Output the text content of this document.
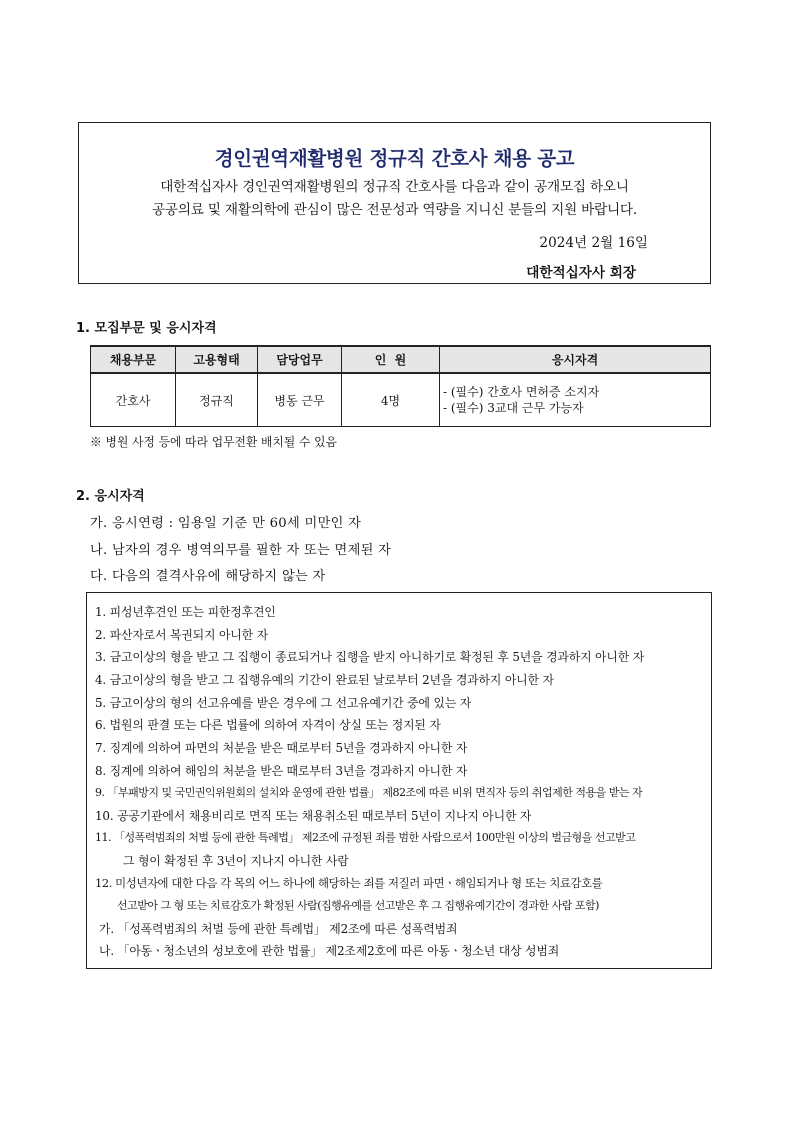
경인권역재활병원 정규직 간호사 채용 공고
대한적십자사 경인권역재활병원의 정규직 간호사를 다음과 같이 공개모집 하오니
공공의료 및 재활의학에 관심이 많은 전문성과 역량을 지니신 분들의 지원 바랍니다.
2024년 2월 16일
대한적십자사 회장
1. 모집부문 및 응시자격
채용부문	고용형태	담당업무	인  원	응시자격
간호사	정규직	병동 근무	4명	- (필수) 간호사 면허증 소지자
- (필수) 3교대 근무 가능자
※ 병원 사정 등에 따라 업무전환 배치될 수 있음
2. 응시자격
가. 응시연령 : 임용일 기준 만 60세 미만인 자
나. 남자의 경우 병역의무를 필한 자 또는 면제된 자
다. 다음의 결격사유에 해당하지 않는 자
1. 피성년후견인 또는 피한정후견인
2. 파산자로서 복권되지 아니한 자
3. 금고이상의 형을 받고 그 집행이 종료되거나 집행을 받지 아니하기로 확정된 후 5년을 경과하지 아니한 자
4. 금고이상의 형을 받고 그 집행유예의 기간이 완료된 날로부터 2년을 경과하지 아니한 자
5. 금고이상의 형의 선고유예를 받은 경우에 그 선고유예기간 중에 있는 자
6. 법원의 판결 또는 다른 법률에 의하여 자격이 상실 또는 정지된 자
7. 징계에 의하여 파면의 처분을 받은 때로부터 5년을 경과하지 아니한 자
8. 징계에 의하여 해임의 처분을 받은 때로부터 3년을 경과하지 아니한 자
9. 「부패방지 및 국민권익위원회의 설치와 운영에 관한 법률」 제82조에 따른 비위 면직자 등의 취업제한 적용을 받는 자
10. 공공기관에서 채용비리로 면직 또는 채용취소된 때로부터 5년이 지나지 아니한 자
11. 「성폭력범죄의 처벌 등에 관한 특례법」 제2조에 규정된 죄를 범한 사람으로서 100만원 이상의 벌금형을 선고받고
그 형이 확정된 후 3년이 지나지 아니한 사람
12. 미성년자에 대한 다음 각 목의 어느 하나에 해당하는 죄를 저질러 파면ㆍ해임되거나 형 또는 치료감호를
선고받아 그 형 또는 치료감호가 확정된 사람(집행유예를 선고받은 후 그 집행유예기간이 경과한 사람 포함)
가. 「성폭력범죄의 처벌 등에 관한 특례법」 제2조에 따른 성폭력범죄
나. 「아동ㆍ청소년의 성보호에 관한 법률」 제2조제2호에 따른 아동ㆍ청소년 대상 성범죄
